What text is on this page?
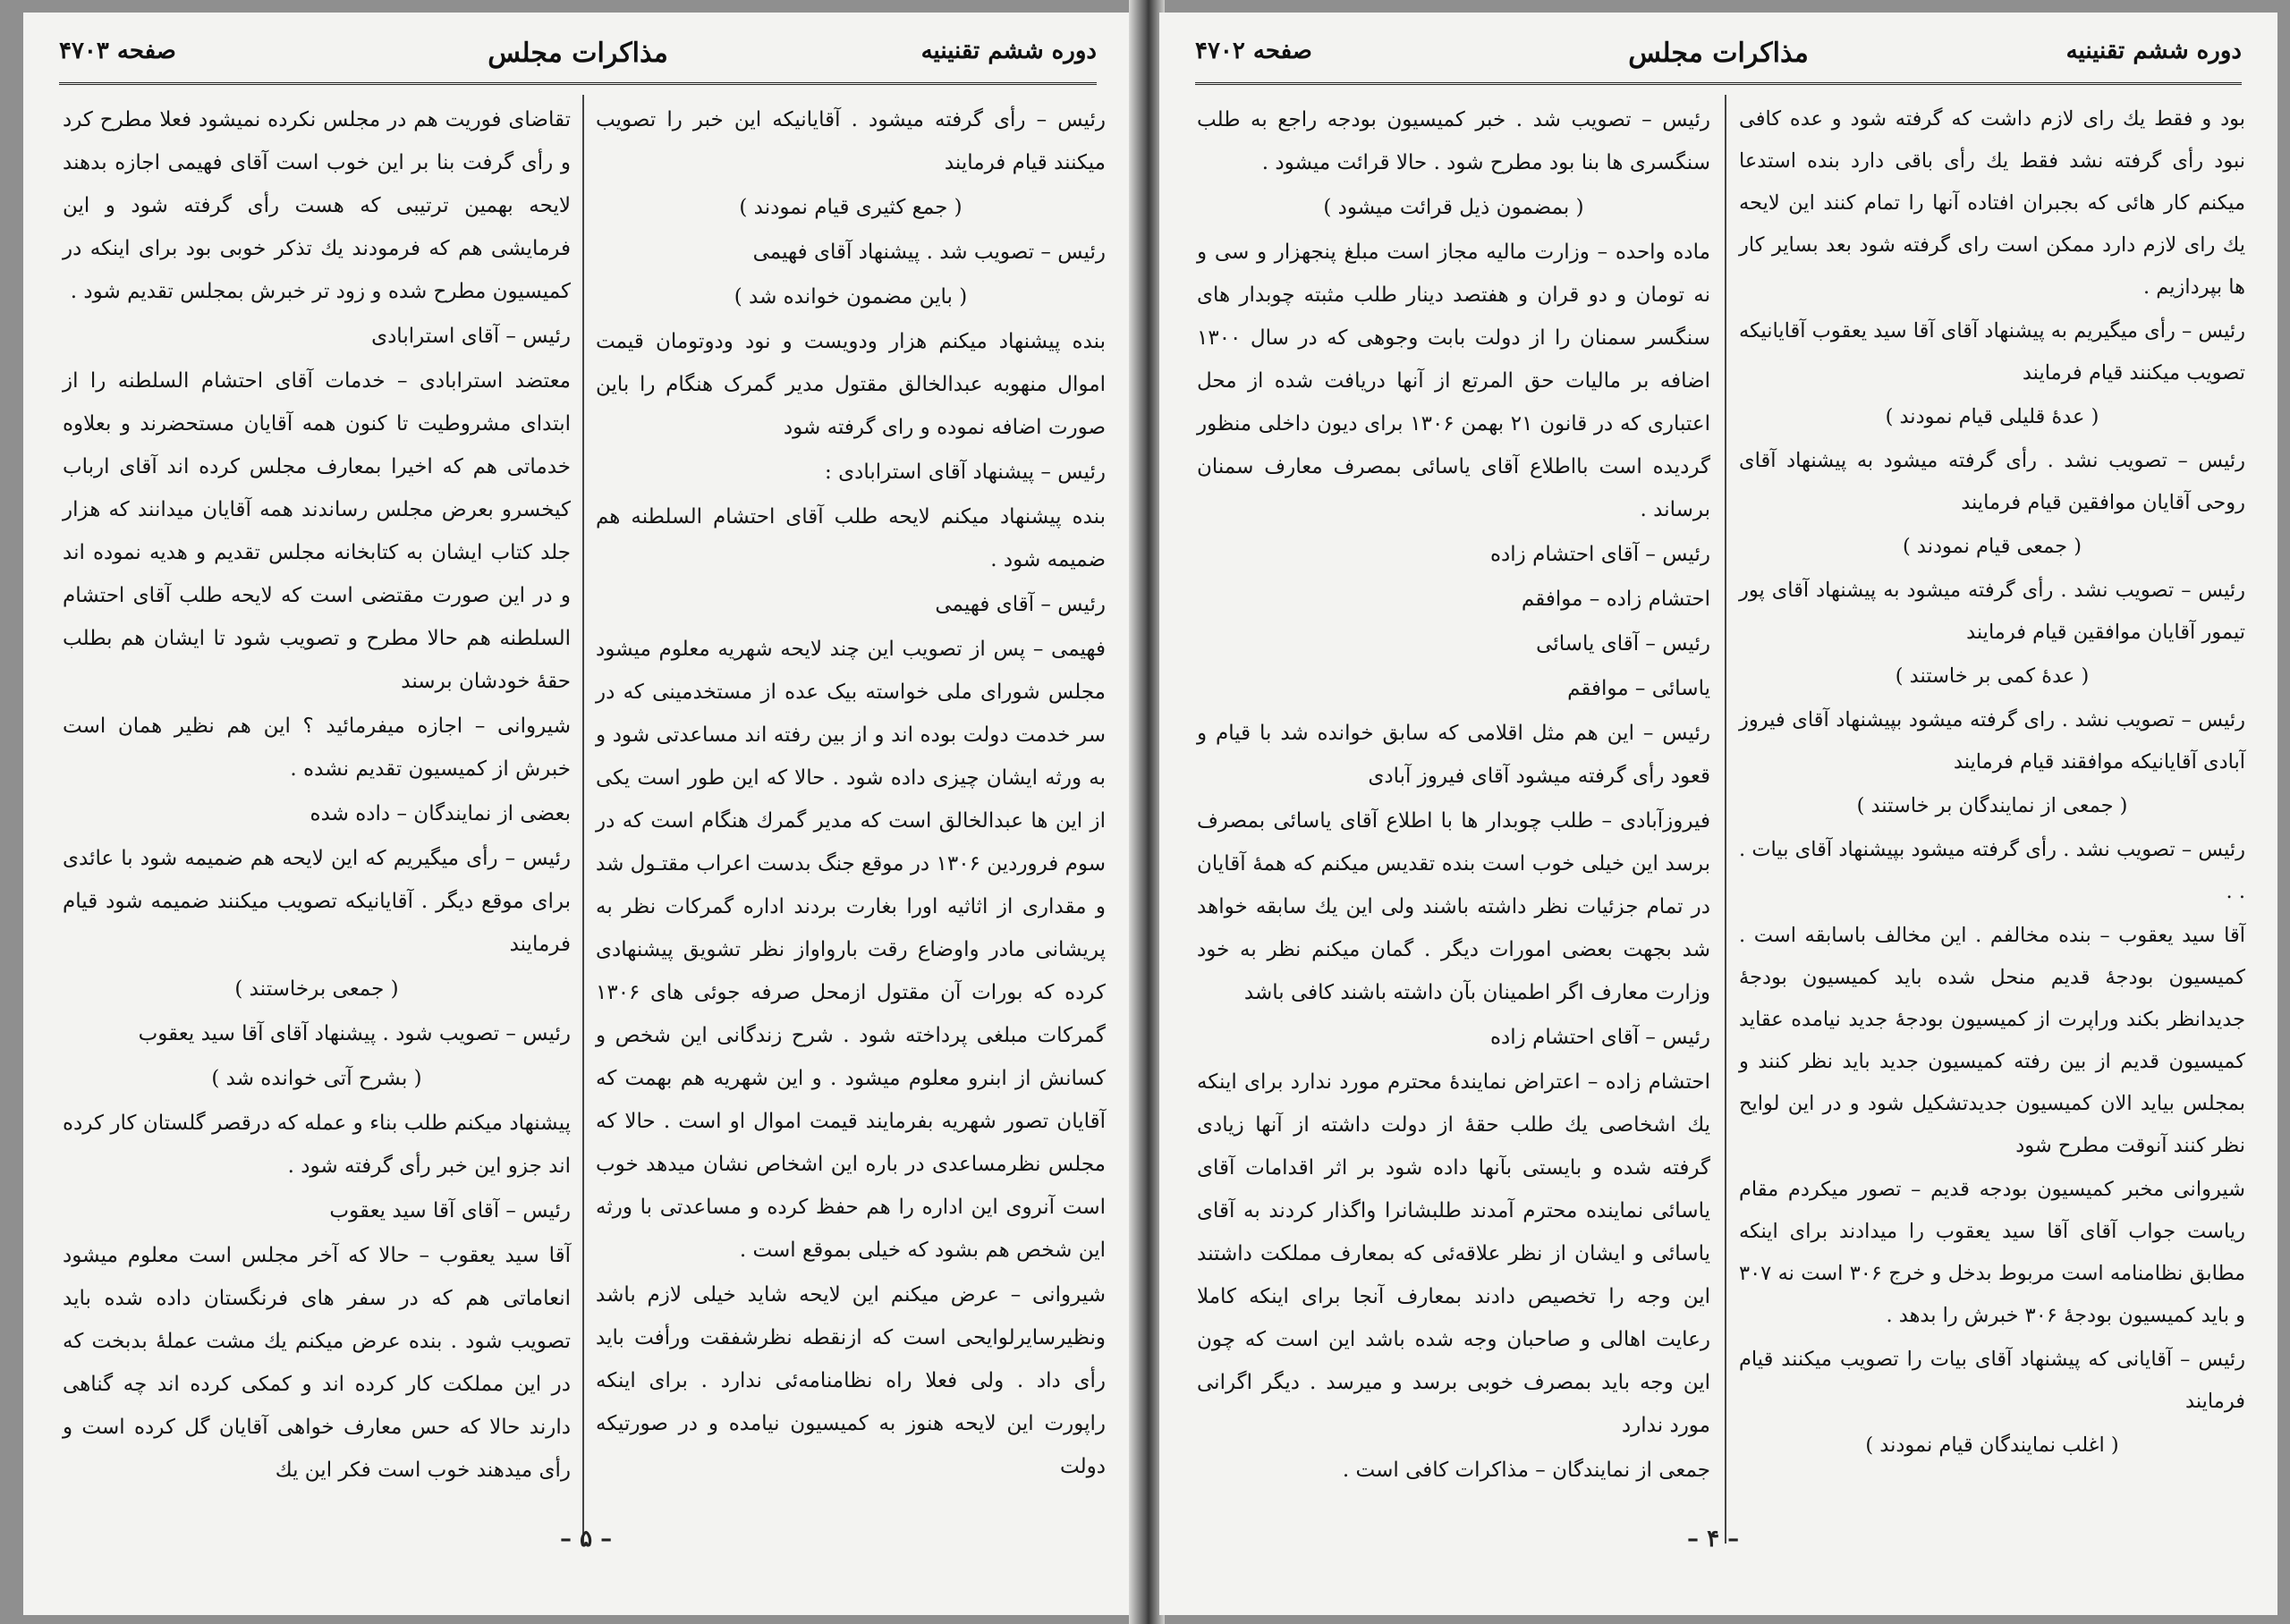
دوره ششم تقنینیه
مذاکرات مجلس
صفحه ۴۷۰۳

رئیس – رأی گرفته میشود . آقایانیکه این خبر را تصویب میکنند قیام فرمایند

( جمع کثیری قیام نمودند )

رئیس – تصویب شد . پیشنهاد آقای فهیمی

( باین مضمون خوانده شد )

بنده پیشنهاد میکنم هزار ودویست و نود ودوتومان قیمت اموال منهوبه عبدالخالق مقتول مدیر گمرک هنگام را باین صورت اضافه نموده و رای گرفته شود

رئیس – پیشنهاد آقای استرابادی :

بنده پیشنهاد میکنم لایحه طلب آقای احتشام السلطنه هم ضمیمه شود .

رئیس – آقای فهیمی

فهیمی – پس از تصویب این چند لایحه شهریه معلوم میشود مجلس شورای ملی خواسته بیک عده از مستخدمینی که در سر خدمت دولت بوده اند و از بین رفته اند مساعدتی شود و به ورثه ایشان چیزی داده شود . حالا که این طور است یکی از این ها عبدالخالق است که مدیر گمرك هنگام است که در سوم فروردین ۱۳۰۶ در موقع جنگ بدست اعراب مقتـول شد و مقداری از اثاثیه اورا بغارت بردند اداره گمرکات نظر به پریشانی مادر واوضاع رقت بارواواز نظر تشویق پیشنهادی کرده که بورات آن مقتول ازمحل صرفه جوئی های ۱۳۰۶ گمرکات مبلغی پرداخته شود . شرح زندگانی این شخص و کسانش از ابنرو معلوم میشود . و این شهریه هم بهمت که آقایان تصور شهریه بفرمایند قیمت اموال او است . حالا که مجلس نظرمساعدی در باره این اشخاص نشان میدهد خوب است آنروی این اداره را هم حفظ کرده و مساعدتی با ورثه این شخص هم بشود که خیلی بموقع است .

شیروانی – عرض میکنم این لایحه شاید خیلی لازم باشد ونظیرسایرلوایحی است که ازنقطه نظرشفقت ورأفت باید رأی داد . ولی فعلا راه نظامنامه‌ئی ندارد . برای اینکه راپورت این لایحه هنوز به کمیسیون نیامده و در صورتیکه دولت

تقاضای فوریت هم در مجلس نکرده نمیشود فعلا مطرح کرد و رأی گرفت بنا بر این خوب است آقای فهیمی اجازه بدهند لایحه بهمین ترتیبی که هست رأی گرفته شود و این فرمایشی هم که فرمودند یك تذکر خوبی بود برای اینکه در کمیسیون مطرح شده و زود تر خبرش بمجلس تقدیم شود .

رئیس – آقای استرابادی

معتضد استرابادی – خدمات آقای احتشام السلطنه را از ابتدای مشروطیت تا کنون همه آقایان مستحضرند و بعلاوه خدماتی هم که اخیرا بمعارف مجلس کرده اند آقای ارباب کیخسرو بعرض مجلس رساندند همه آقایان میدانند که هزار جلد کتاب ایشان به کتابخانه مجلس تقدیم و هدیه نموده اند و در این صورت مقتضی است که لایحه طلب آقای احتشام السلطنه هم حالا مطرح و تصویب شود تا ایشان هم بطلب حقهٔ خودشان برسند

شیروانی – اجازه میفرمائید ؟ این هم نظیر همان است خبرش از کمیسیون تقدیم نشده .

بعضی از نمایندگان – داده شده

رئیس – رأی میگیریم که این لایحه هم ضمیمه شود با عائدی برای موقع دیگر . آقایانیکه تصویب میکنند ضمیمه شود قیام فرمایند

( جمعی برخاستند )

رئیس – تصویب شود . پیشنهاد آقای آقا سید یعقوب

( بشرح آتی خوانده شد )

پیشنهاد میکنم طلب بناء و عمله که درقصر گلستان کار کرده اند جزو این خبر رأی گرفته شود .

رئیس – آقای آقا سید یعقوب

آقا سید یعقوب – حالا که آخر مجلس است معلوم میشود انعاماتی هم که در سفر های فرنگستان داده شده باید تصویب شود . بنده عرض میکنم یك مشت عملهٔ بدبخت که در این مملکت کار کرده اند و کمکی کرده اند چه گناهی دارند حالا که حس معارف خواهی آقایان گل کرده است و رأی میدهند خوب است فکر این یك

– ۵ –
دوره ششم تقنینیه
مذاکرات مجلس
صفحه ۴۷۰۲

بود و فقط یك رای لازم داشت که گرفته شود و عده کافی نبود رأی گرفته نشد فقط یك رأی باقی دارد بنده استدعا میکنم کار هائی که بجبران افتاده آنها را تمام کنند این لایحه یك رای لازم دارد ممکن است رای گرفته شود بعد بسایر کار ها بپردازیم .

رئیس – رأی میگیریم به پیشنهاد آقای آقا سید یعقوب آقایانیکه تصویب میکنند قیام فرمایند

( عدهٔ قلیلی قیام نمودند )

رئیس – تصویب نشد . رأی گرفته میشود به پیشنهاد آقای روحی آقایان موافقین قیام فرمایند

( جمعی قیام نمودند )

رئیس – تصویب نشد . رأی گرفته میشود به پیشنهاد آقای پور تیمور آقایان موافقین قیام فرمایند

( عدهٔ کمی بر خاستند )

رئیس – تصویب نشد . رای گرفته میشود بپیشنهاد آقای فیروز آبادی آقایانیکه موافقند قیام فرمایند

( جمعی از نمایندگان بر خاستند )

رئیس – تصویب نشد . رأی گرفته میشود بپیشنهاد آقای بیات . . .

آقا سید یعقوب – بنده مخالفم . این مخالف باسابقه است . کمیسیون بودجهٔ قدیم منحل شده باید کمیسیون بودجهٔ جدیدانظر بکند وراپرت از کمیسیون بودجهٔ جدید نیامده عقاید کمیسیون قدیم از بین رفته کمیسیون جدید باید نظر کنند و بمجلس بیاید الان کمیسیون جدیدتشکیل شود و در این لوایح نظر کنند آنوقت مطرح شود

شیروانی مخبر کمیسیون بودجه قدیم – تصور میکردم مقام ریاست جواب آقای آقا سید یعقوب را میدادند برای اینکه مطابق نظامنامه است مربوط بدخل و خرج ۳۰۶ است نه ۳۰۷ و باید کمیسیون بودجهٔ ۳۰۶ خبرش را بدهد .

رئیس – آقایانی که پیشنهاد آقای بیات را تصویب میکنند قیام فرمایند

( اغلب نمایندگان قیام نمودند )

رئیس – تصویب شد . خبر کمیسیون بودجه راجع به طلب سنگسری ها بنا بود مطرح شود . حالا قرائت میشود .

( بمضمون ذیل قرائت میشود )

ماده واحده – وزارت مالیه مجاز است مبلغ پنجهزار و سی و نه تومان و دو قران و هفتصد دینار طلب مثبته چوبدار های سنگسر سمنان را از دولت بابت وجوهی که در سال ۱۳۰۰ اضافه بر مالیات حق المرتع از آنها دریافت شده از محل اعتباری که در قانون ۲۱ بهمن ۱۳۰۶ برای دیون داخلی منظور گردیده است بااطلاع آقای یاسائی بمصرف معارف سمنان برساند .

رئیس – آقای احتشام زاده

احتشام زاده – موافقم

رئیس – آقای یاسائی

یاسائی – موافقم

رئیس – این هم مثل اقلامی که سابق خوانده شد با قیام و قعود رأی گرفته میشود آقای فیروز آبادی

فیروزآبادی – طلب چوبدار ها با اطلاع آقای یاسائی بمصرف برسد این خیلی خوب است بنده تقدیس میکنم که همهٔ آقایان در تمام جزئیات نظر داشته باشند ولی این یك سابقه خواهد شد بجهت بعضی امورات دیگر . گمان میکنم نظر به خود وزارت معارف اگر اطمینان بآن داشته باشند کافی باشد

رئیس – آقای احتشام زاده

احتشام زاده – اعتراض نمایندهٔ محترم مورد ندارد برای اینکه یك اشخاصی یك طلب حقهٔ از دولت داشته از آنها زیادی گرفته شده و بایستی بآنها داده شود بر اثر اقدامات آقای یاسائی نماینده محترم آمدند طلبشانرا واگذار کردند به آقای یاسائی و ایشان از نظر علاقه‌ئی که بمعارف مملکت داشتند این وجه را تخصیص دادند بمعارف آنجا برای اینکه کاملا رعایت اهالی و صاحبان وجه شده باشد این است که چون این وجه باید بمصرف خوبی برسد و میرسد . دیگر اگرانی مورد ندارد

جمعی از نمایندگان – مذاکرات کافی است .

– ۴ –
